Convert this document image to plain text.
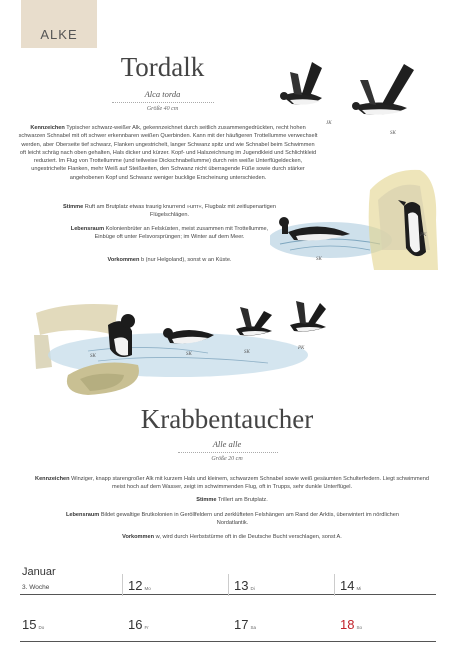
ALKE
Tordalk
Alca torda
Größe 40 cm
JK
SK
Kennzeichen Typischer schwarz-weißer Alk, gekennzeichnet durch seitlich zusammengedrückten, recht hohen schwarzen Schnabel mit oft schwer erkennbaren weißen Querbinden. Kann mit der häufigeren Trottellumme verwechselt werden, aber Oberseite tief schwarz, Flanken ungestrichelt, langer Schwanz spitz und wie Schnabel beim Schwimmen oft leicht schräg nach oben gehalten, Hals dicker und kürzer. Kopf- und Halszeichnung im Jugendkleid und Schlichtkleid reduziert. Im Flug von Trottellumme (und teilweise Dickschnabellumme) durch rein weiße Unterflügeldecken, ungestrichelte Flanken, mehr Weiß auf Steißseiten, den Schwanz nicht überragende Füße sowie durch stärker angehobenen Kopf und Schwanz weniger bucklige Erscheinung unterschieden.
Stimme Ruft am Brutplatz etwas traurig knurrend »urrr«, Flugbalz mit zeitlupenartigen Flügelschlägen.
Lebensraum Kolonienbrüter an Felsküsten, meist zusammen mit Trottellumme, Einbüge oft unter Felsvorsprüngen; im Winter auf dem Meer.
Vorkommen b (nur Helgoland), sonst w an Küste.	SK
PK
SK	SK	SK
PK
Krabbentaucher
Alle alle
Größe 20 cm
Kennzeichen Winziger, knapp starengroßer Alk mit kurzem Hals und kleinem, schwarzem Schnabel sowie weiß gesäumten Schulterfedern. Liegt schwimmend meist hoch auf dem Wasser, zeigt im schwimmenden Flug, oft in Trupps, sehr dunkle Unterflügel.
Stimme Trillert am Brutplatz.
Lebensraum Bildet gewaltige Brutkolonien in Geröllfeldern und zerklüfteten Felshängen am Rand der Arktis, überwintert im nördlichen Nordatlantik.
Vorkommen w, wird durch Herbststürme oft in die Deutsche Bucht verschlagen, sonst A.
Januar
3. Woche	12 Mo	13 Di	14 Mi
15 Do	16 Fr	17 Sa	18 So
